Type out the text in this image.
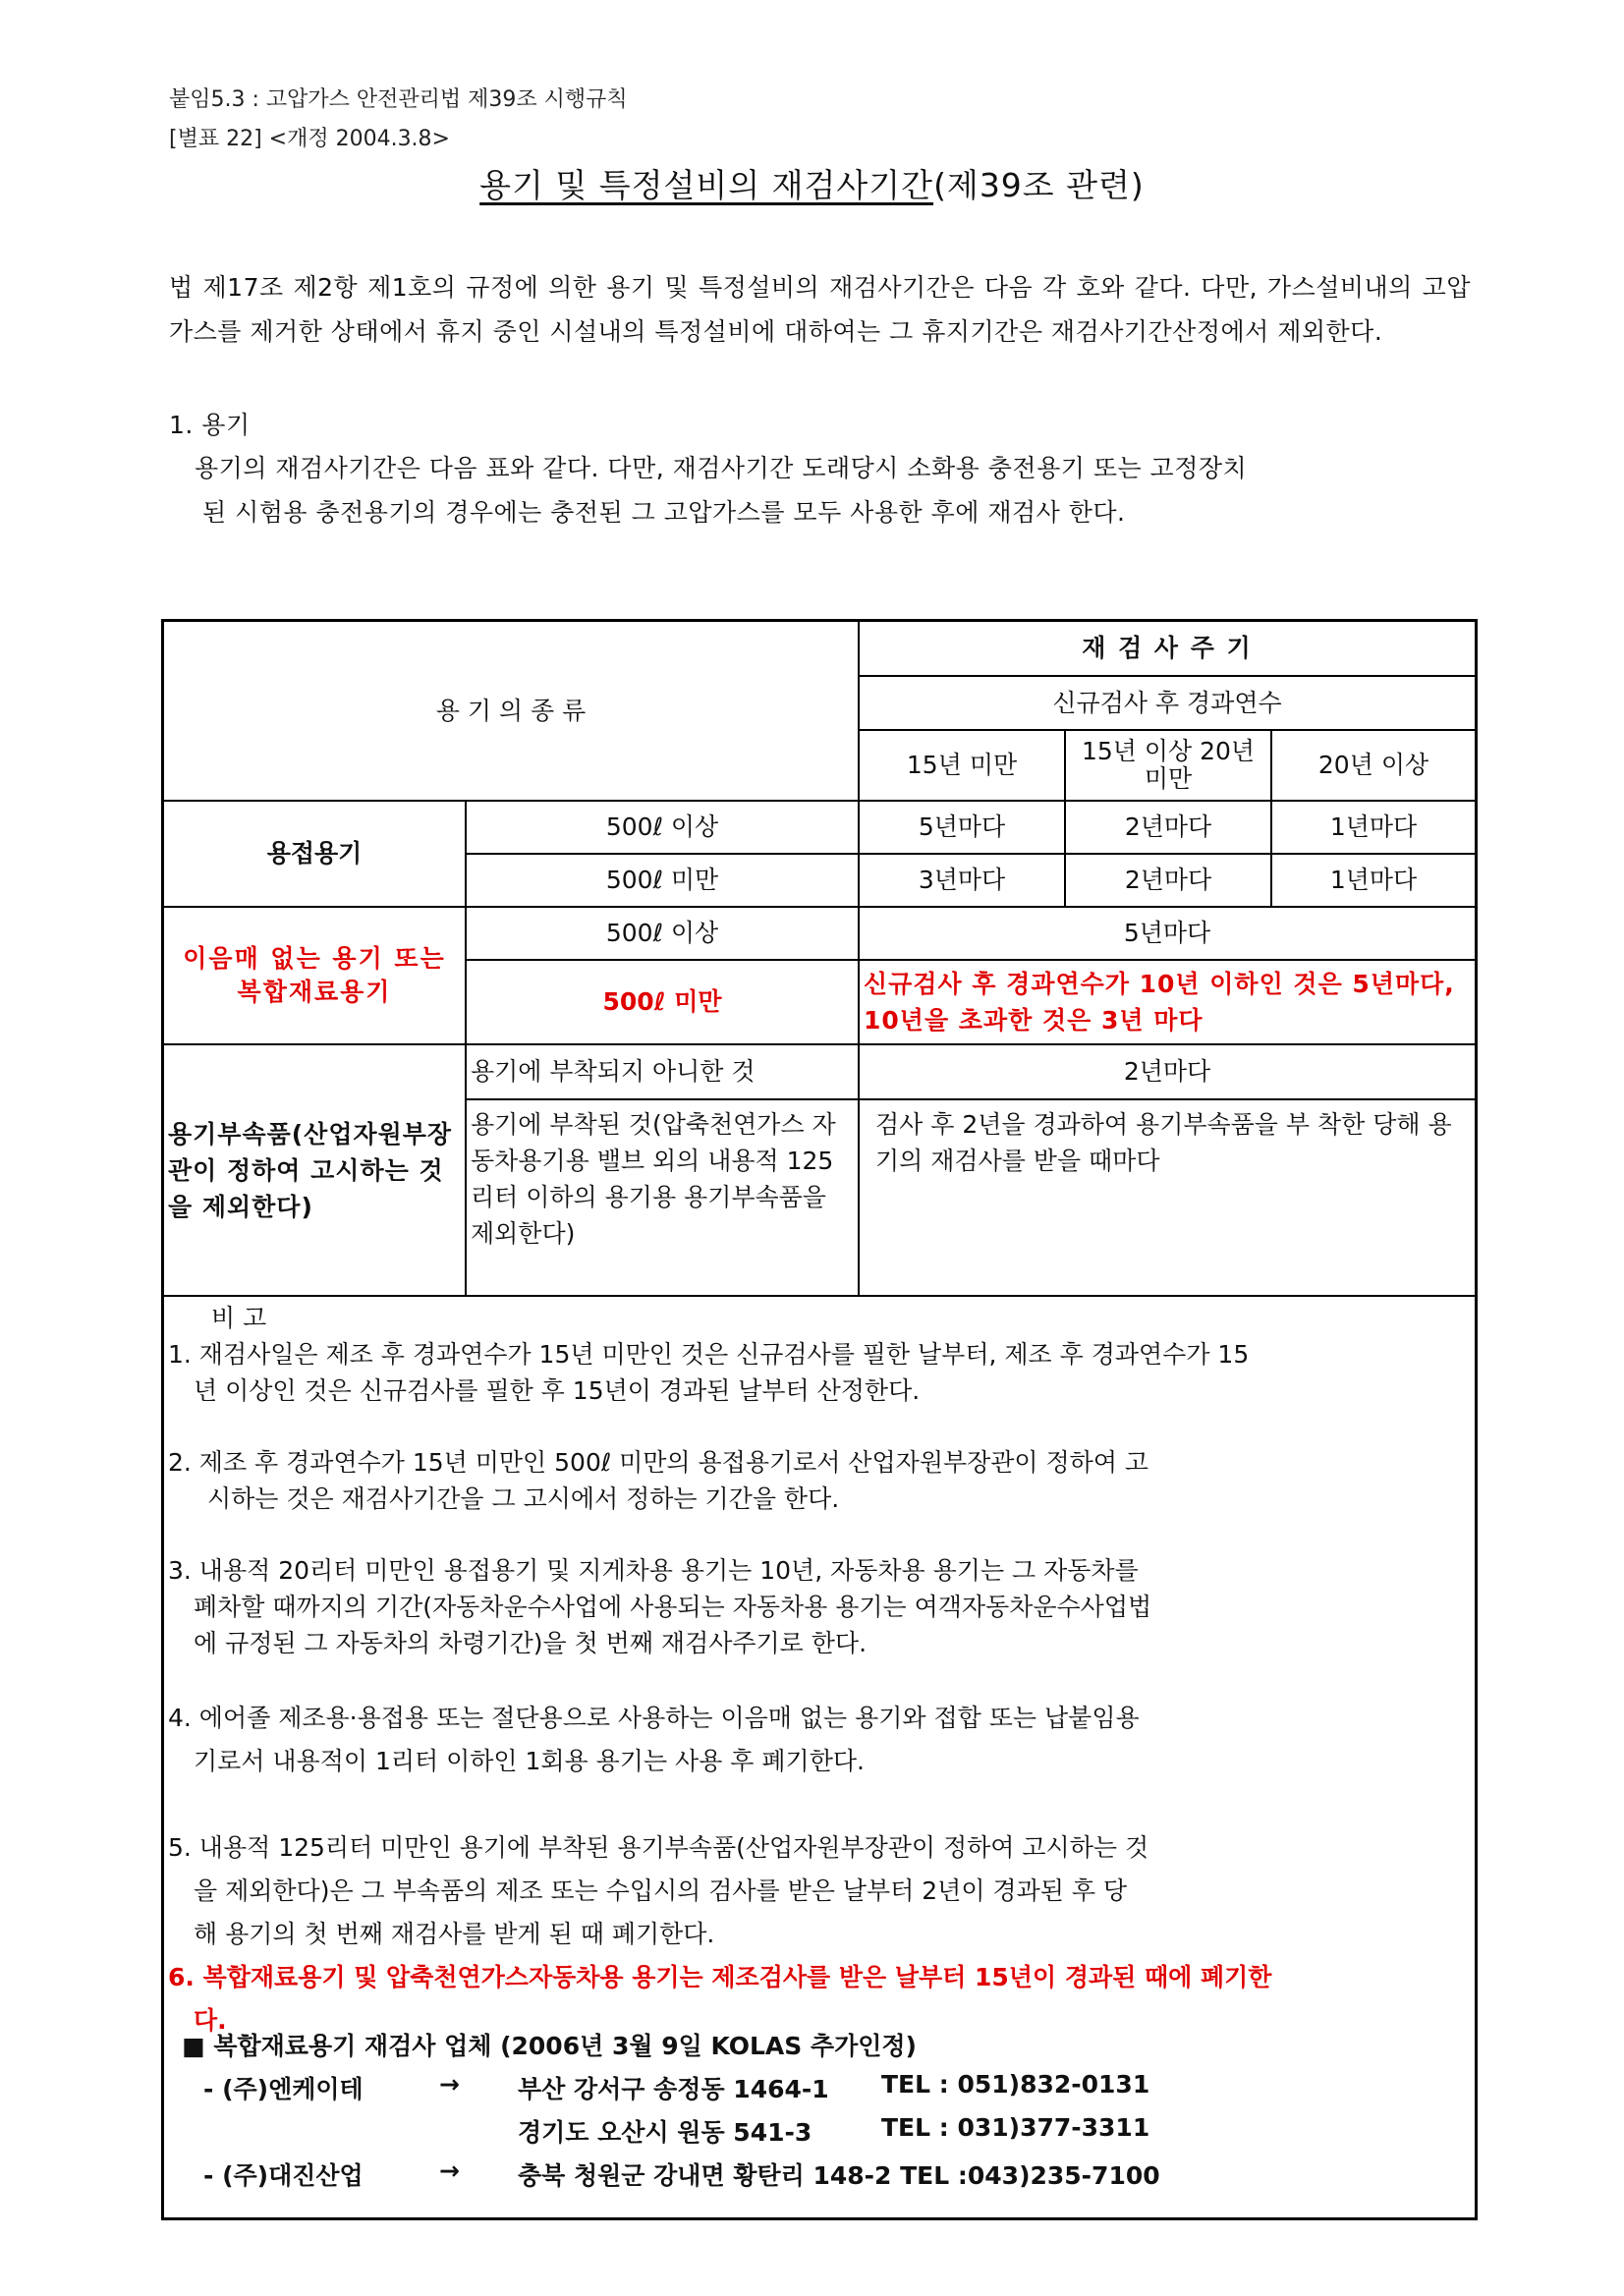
붙임5.3 : 고압가스 안전관리법 제39조 시행규칙
[별표 22] <개정 2004.3.8>
용기 및 특정설비의 재검사기간(제39조 관련)
법 제17조 제2항 제1호의 규정에 의한 용기 및 특정설비의 재검사기간은 다음 각 호와 같다. 다만, 가스설비내의 고압가스를 제거한 상태에서 휴지 중인 시설내의 특정설비에 대하여는 그 휴지기간은 재검사기간산정에서 제외한다.
1. 용기
용기의 재검사기간은 다음 표와 같다. 다만, 재검사기간 도래당시 소화용 충전용기 또는 고정장치

된 시험용 충전용기의 경우에는 충전된 그 고압가스를 모두 사용한 후에 재검사 한다.
용 기 의 종 류		재 검 사 주 기		
		신규검사 후 경과연수		
		15년 미만	15년 이상 20년 미만	20년 이상
용접용기	500ℓ 이상	5년마다	2년마다	1년마다
	500ℓ 미만	3년마다	2년마다	1년마다
이음매 없는 용기 또는 복합재료용기	500ℓ 이상	5년마다		
	500ℓ 미만	신규검사 후 경과연수가 10년 이하인 것은 5년마다, 10년을 초과한 것은 3년 마다		
용기부속품(산업자원부장관이 정하여 고시하는 것을 제외한다)	용기에 부착되지 아니한 것	2년마다		
	용기에 부착된 것(압축천연가스 자동차용기용 밸브 외의 내용적 125리터 이하의 용기용 용기부속품을 제외한다)	검사 후 2년을 경과하여 용기부속품을 부 착한 당해 용기의 재검사를 받을 때마다		
비 고
1. 재검사일은 제조 후 경과연수가 15년 미만인 것은 신규검사를 필한 날부터, 제조 후 경과연수가 15
년 이상인 것은 신규검사를 필한 후 15년이 경과된 날부터 산정한다.
2. 제조 후 경과연수가 15년 미만인 500ℓ 미만의 용접용기로서 산업자원부장관이 정하여 고
시하는 것은 재검사기간을 그 고시에서 정하는 기간을 한다.
3. 내용적 20리터 미만인 용접용기 및 지게차용 용기는 10년, 자동차용 용기는 그 자동차를
폐차할 때까지의 기간(자동차운수사업에 사용되는 자동차용 용기는 여객자동차운수사업법
에 규정된 그 자동차의 차령기간)을 첫 번째 재검사주기로 한다.
4. 에어졸 제조용·용접용 또는 절단용으로 사용하는 이음매 없는 용기와 접합 또는 납붙임용
기로서 내용적이 1리터 이하인 1회용 용기는 사용 후 폐기한다.
5. 내용적 125리터 미만인 용기에 부착된 용기부속품(산업자원부장관이 정하여 고시하는 것
을 제외한다)은 그 부속품의 제조 또는 수입시의 검사를 받은 날부터 2년이 경과된 후 당
해 용기의 첫 번째 재검사를 받게 된 때 폐기한다.
6. 복합재료용기 및 압축천연가스자동차용 용기는 제조검사를 받은 날부터 15년이 경과된 때에 폐기한
다.
■ 복합재료용기 재검사 업체 (2006년 3월 9일 KOLAS 추가인정)
- (주)엔케이테	→ 부산 강서구 송정동 1464-1 TEL : 051)832-0131
경기도 오산시 원동 541-3	TEL : 031)377-3311
- (주)대진산업	→ 충북 청원군 강내면 황탄리 148-2 TEL :043)235-7100
